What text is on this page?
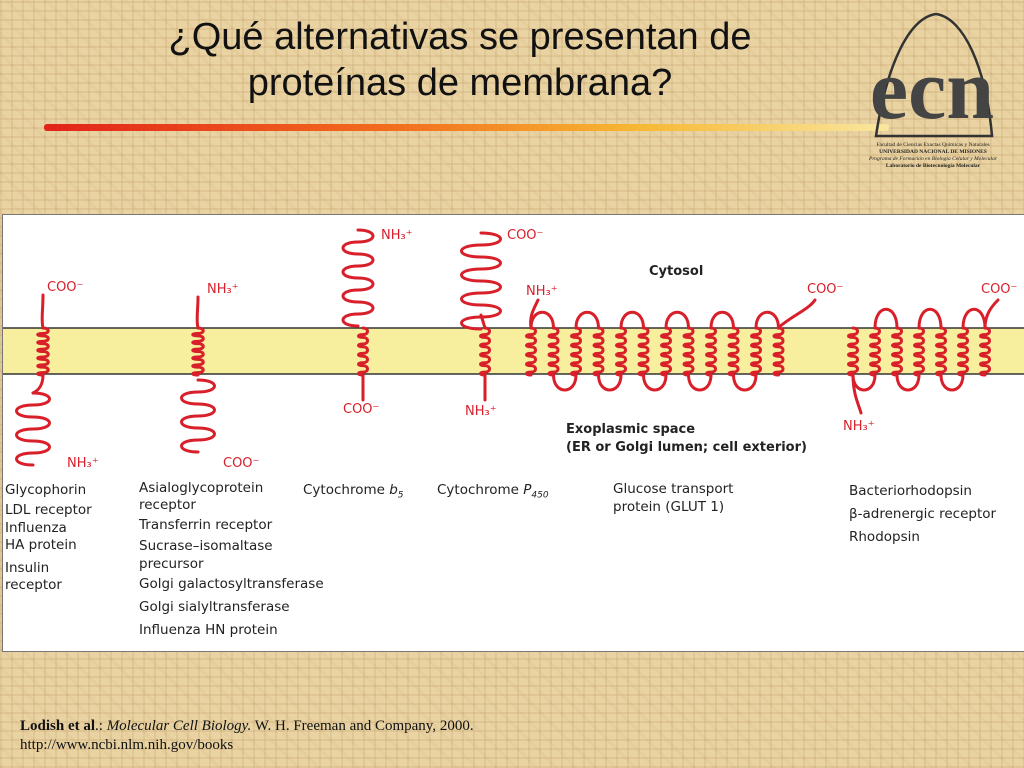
¿Qué alternativas se presentan de
proteínas de membrana?	ecn
Facultad de Ciencias Exactas Químicas y Naturales
UNIVERSIDAD NACIONAL DE MISIONES
Programa de Formación en Biología Celular y Molecular
Laboratorio de Biotecnología Molecular
Cytosol
Exoplasmic space
(ER or Golgi lumen; cell exterior)
COO⁻
NH₃⁺
NH₃⁺
COO⁻
NH₃⁺
COO⁻
COO⁻
NH₃⁺
NH₃⁺	COO⁻
NH₃⁺
COO⁻
Glycophorin
LDL receptor
Influenza
HA protein
Insulin
receptor
Asialoglycoprotein
receptor
Transferrin receptor
Sucrase–isomaltase
precursor
Golgi galactosyltransferase
Golgi sialyltransferase
Influenza HN protein
Cytochrome $b_5$ Cytochrome $P_{450}$	Glucose transport
protein (GLUT 1)
Bacteriorhodopsin
β-adrenergic receptor
Rhodopsin
Lodish et al.: Molecular Cell Biology. W. H. Freeman and Company, 2000.
http://www.ncbi.nlm.nih.gov/books
